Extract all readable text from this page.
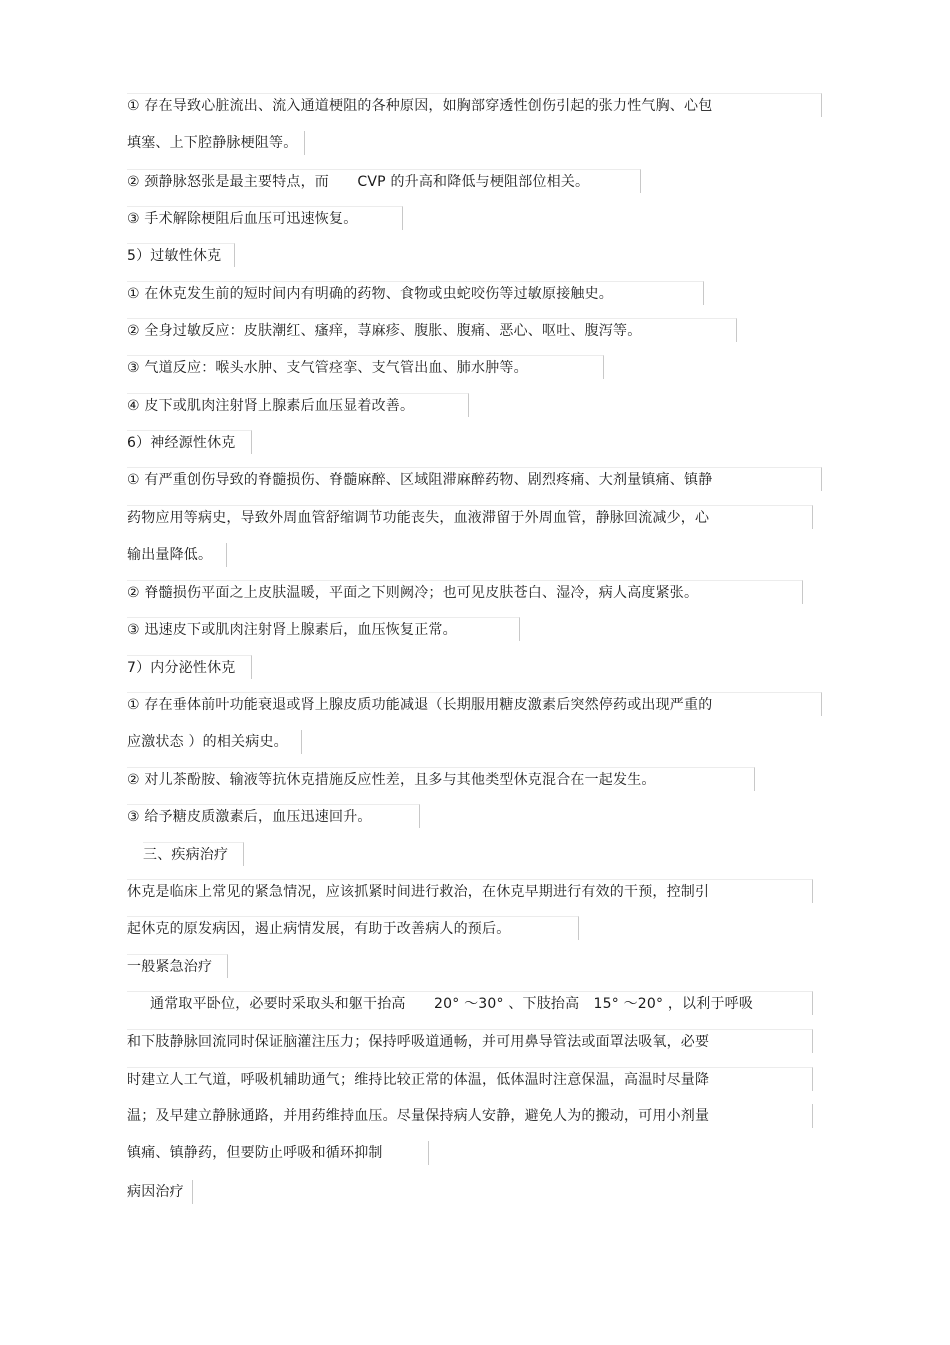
① 存在导致心脏流出、流入通道梗阻的各种原因，如胸部穿透性创伤引起的张力性气胸、心包
填塞、上下腔静脉梗阻等。
② 颈静脉怒张是最主要特点，而　　CVP 的升高和降低与梗阻部位相关。
③ 手术解除梗阻后血压可迅速恢复。
5）过敏性休克
① 在休克发生前的短时间内有明确的药物、食物或虫蛇咬伤等过敏原接触史。
② 全身过敏反应：皮肤潮红、瘙痒，荨麻疹、腹胀、腹痛、恶心、呕吐、腹泻等。
③ 气道反应：喉头水肿、支气管痉挛、支气管出血、肺水肿等。
④ 皮下或肌肉注射肾上腺素后血压显着改善。
6）神经源性休克
① 有严重创伤导致的脊髓损伤、脊髓麻醉、区域阻滞麻醉药物、剧烈疼痛、大剂量镇痛、镇静
药物应用等病史，导致外周血管舒缩调节功能丧失，血液滞留于外周血管，静脉回流减少，心
输出量降低。
② 脊髓损伤平面之上皮肤温暖，平面之下则阙冷；也可见皮肤苍白、湿冷，病人高度紧张。
③ 迅速皮下或肌肉注射肾上腺素后，血压恢复正常。
7）内分泌性休克
① 存在垂体前叶功能衰退或肾上腺皮质功能减退（长期服用糖皮激素后突然停药或出现严重的
应激状态 ）的相关病史。
② 对儿茶酚胺、输液等抗休克措施反应性差，且多与其他类型休克混合在一起发生。
③ 给予糖皮质激素后，血压迅速回升。
三、疾病治疗
休克是临床上常见的紧急情况，应该抓紧时间进行救治，在休克早期进行有效的干预，控制引
起休克的原发病因，遏止病情发展，有助于改善病人的预后。
一般紧急治疗
通常取平卧位，必要时采取头和躯干抬高　　20° ～30° 、下肢抬高　15° ～20° ，以利于呼吸
和下肢静脉回流同时保证脑灌注压力；保持呼吸道通畅，并可用鼻导管法或面罩法吸氧，必要
时建立人工气道，呼吸机辅助通气；维持比较正常的体温，低体温时注意保温，高温时尽量降
温；及早建立静脉通路，并用药维持血压。尽量保持病人安静，避免人为的搬动，可用小剂量
镇痛、镇静药，但要防止呼吸和循环抑制
病因治疗
